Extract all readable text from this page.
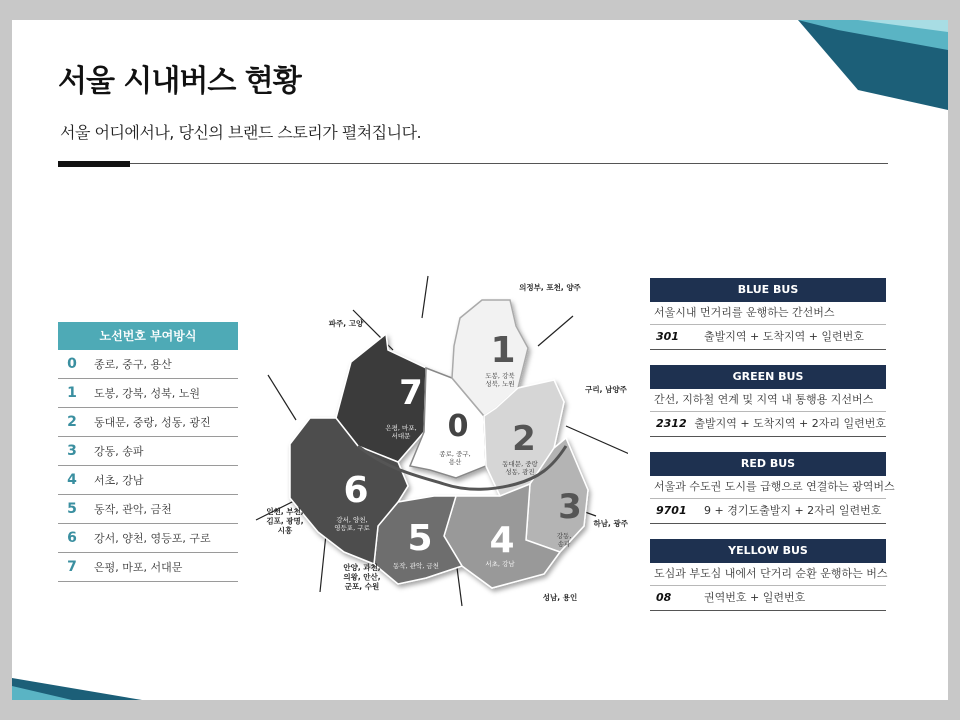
서울 시내버스 현황
서울 어디에서나, 당신의 브랜드 스토리가 펼쳐집니다.
노선번호 부여방식
0	종로, 중구, 용산
1	도봉, 강북, 성북, 노원
2	동대문, 중랑, 성동, 광진
3	강동, 송파
4	서초, 강남
5	동작, 관악, 금천
6	강서, 양천, 영등포, 구로
7	은평, 마포, 서대문
7
0
1
2
3
4
5
6
은평, 마포, 서대문
종로, 중구, 용산
도봉, 강북 성북, 노원
동대문, 중랑 성동, 광진
강동, 송파
서초, 강남
동작, 관악, 금천
강서, 양천, 영등포, 구로
의정부, 포천, 양주
파주, 고양
구리, 남양주
하남, 광주
성남, 용인
안양, 과천, 의왕, 안산, 군포, 수원
인천, 부천, 김포, 광명, 시흥
BLUE BUS
서울시내 먼거리를 운행하는 간선버스
301	출발지역 + 도착지역 + 일련번호
GREEN BUS
간선, 지하철 연계 및 지역 내 통행용 지선버스
2312 출발지역 + 도착지역 + 2자리 일련번호
RED BUS
서울과 수도권 도시를 급행으로 연결하는 광역버스
9701	9 + 경기도출발지 + 2자리 일련번호
YELLOW BUS
도심과 부도심 내에서 단거리 순환 운행하는 버스
08	권역번호 + 일련번호
